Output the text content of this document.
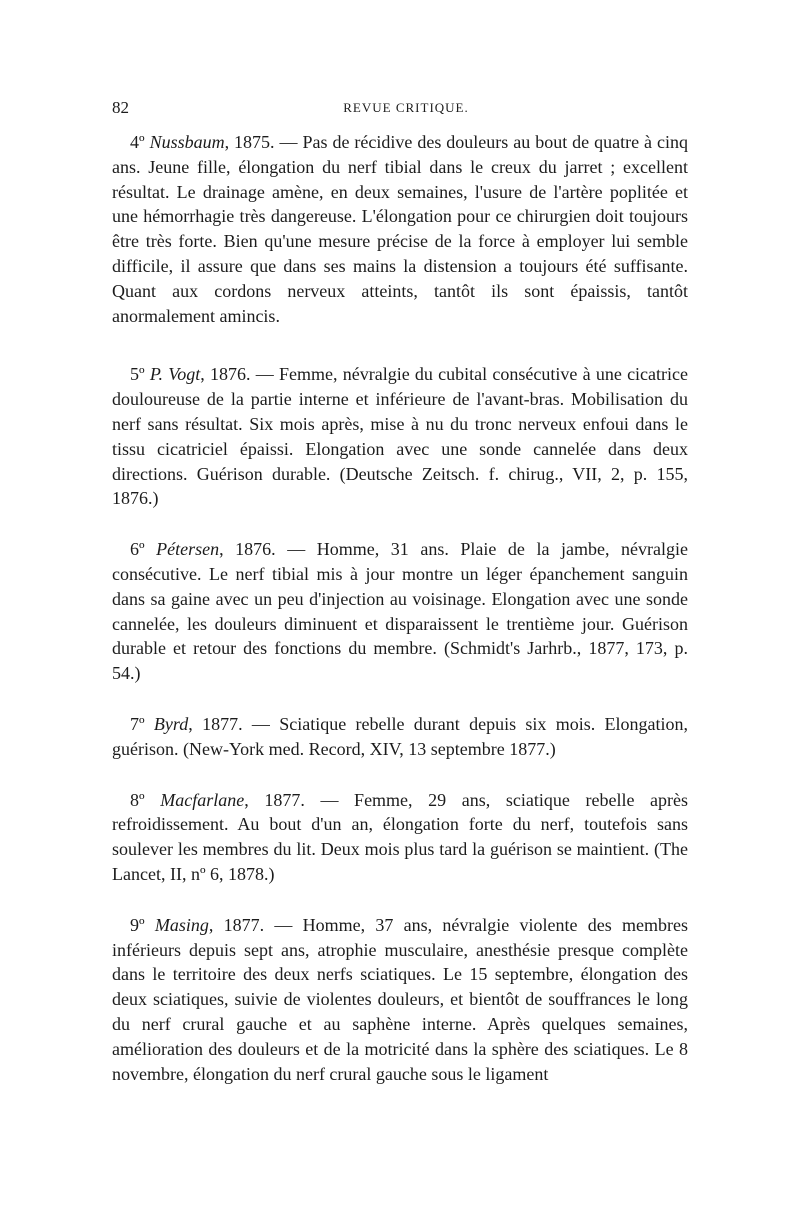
82	REVUE CRITIQUE.

4º Nussbaum, 1875. — Pas de récidive des douleurs au bout de quatre à cinq ans. Jeune fille, élongation du nerf tibial dans le creux du jarret ; excellent résultat. Le drainage amène, en deux semaines, l'usure de l'artère poplitée et une hémorrhagie très dangereuse. L'élongation pour ce chirurgien doit toujours être très forte. Bien qu'une mesure précise de la force à employer lui semble difficile, il assure que dans ses mains la distension a toujours été suffisante. Quant aux cordons nerveux atteints, tantôt ils sont épaissis, tantôt anormalement amincis.

5º P. Vogt, 1876. — Femme, névralgie du cubital consécutive à une cicatrice douloureuse de la partie interne et inférieure de l'avant-bras. Mobilisation du nerf sans résultat. Six mois après, mise à nu du tronc nerveux enfoui dans le tissu cicatriciel épaissi. Elongation avec une sonde cannelée dans deux directions. Guérison durable. (Deutsche Zeitsch. f. chirug., VII, 2, p. 155, 1876.)

6º Pétersen, 1876. — Homme, 31 ans. Plaie de la jambe, névralgie consécutive. Le nerf tibial mis à jour montre un léger épanchement sanguin dans sa gaine avec un peu d'injection au voisinage. Elongation avec une sonde cannelée, les douleurs diminuent et disparaissent le trentième jour. Guérison durable et retour des fonctions du membre. (Schmidt's Jarhrb., 1877, 173, p. 54.)

7º Byrd, 1877. — Sciatique rebelle durant depuis six mois. Elongation, guérison. (New-York med. Record, XIV, 13 septembre 1877.)

8º Macfarlane, 1877. — Femme, 29 ans, sciatique rebelle après refroidissement. Au bout d'un an, élongation forte du nerf, toutefois sans soulever les membres du lit. Deux mois plus tard la guérison se maintient. (The Lancet, II, nº 6, 1878.)

9º Masing, 1877. — Homme, 37 ans, névralgie violente des membres inférieurs depuis sept ans, atrophie musculaire, anesthésie presque complète dans le territoire des deux nerfs sciatiques. Le 15 septembre, élongation des deux sciatiques, suivie de violentes douleurs, et bientôt de souffrances le long du nerf crural gauche et au saphène interne. Après quelques semaines, amélioration des douleurs et de la motricité dans la sphère des sciatiques. Le 8 novembre, élongation du nerf crural gauche sous le ligament
